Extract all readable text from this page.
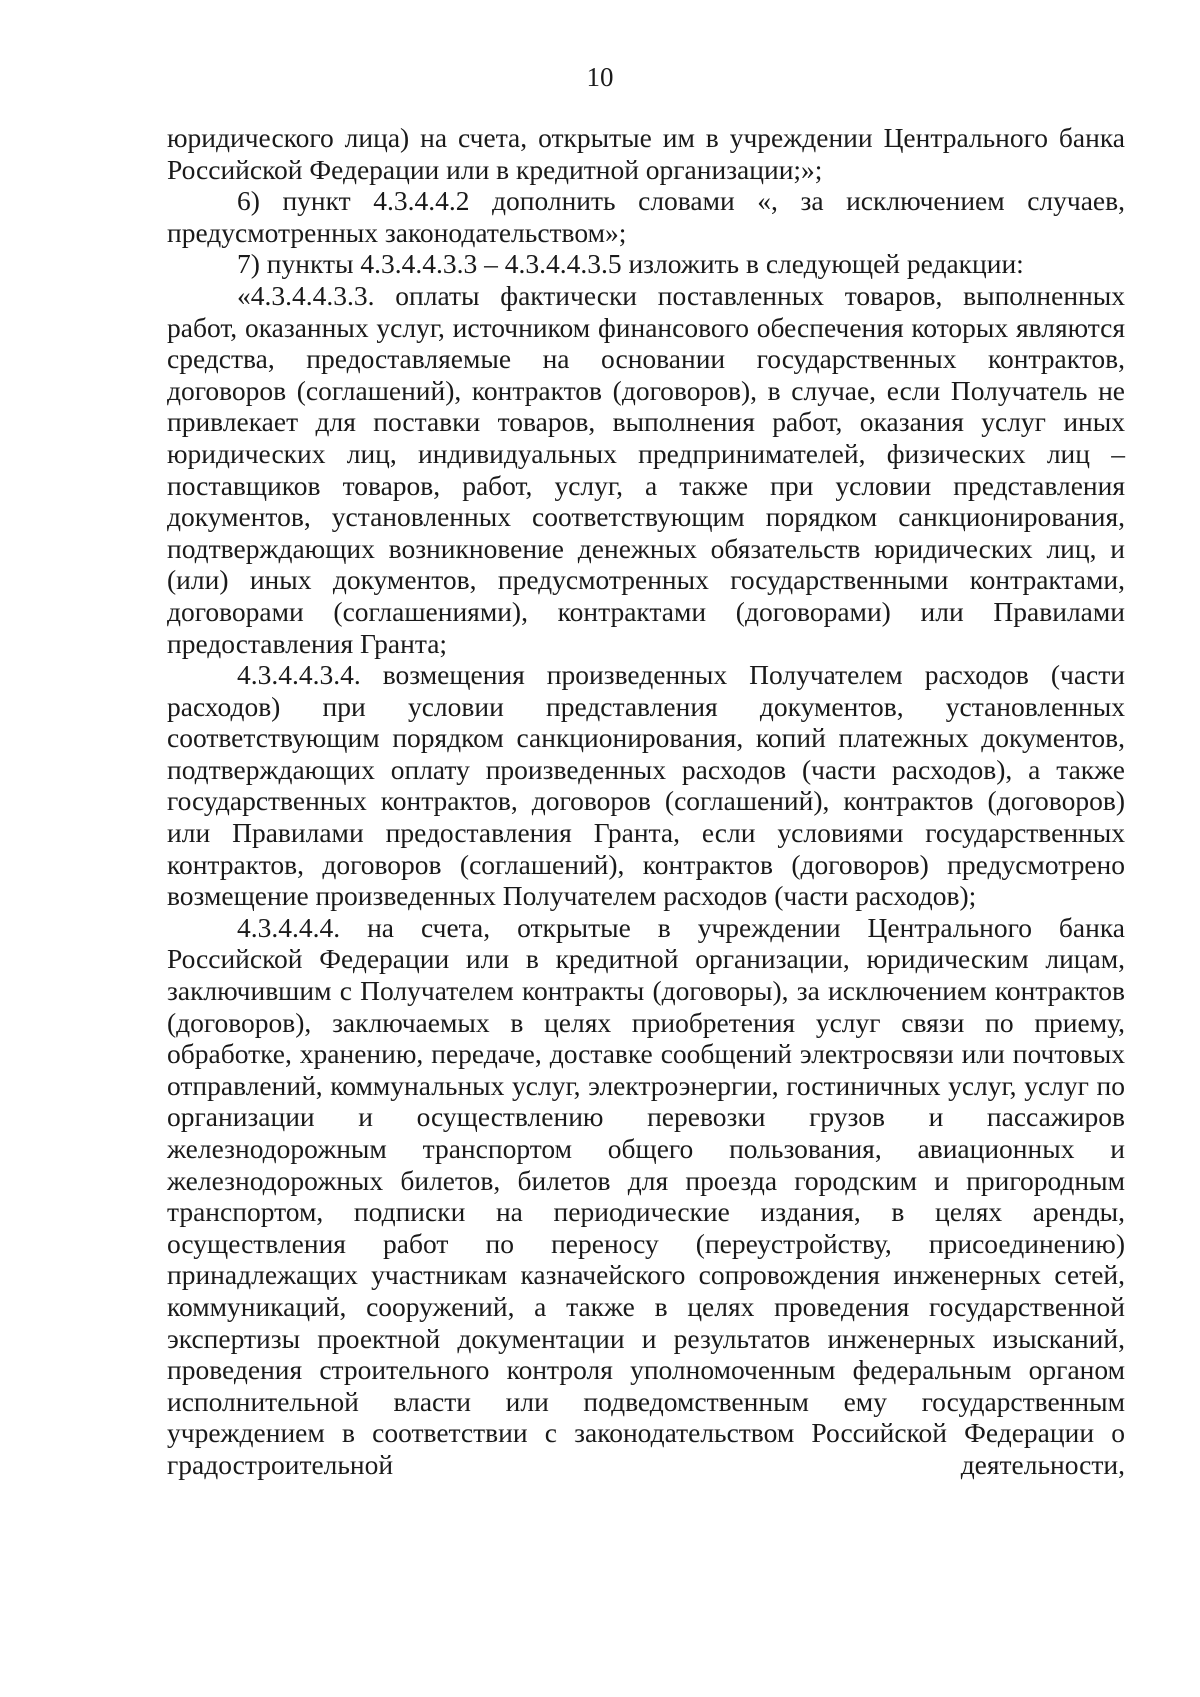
10

юридического лица) на счета, открытые им в учреждении Центрального банка Российской Федерации или в кредитной организации;»;

6) пункт 4.3.4.4.2 дополнить словами «, за исключением случаев, предусмотренных законодательством»;

7) пункты 4.3.4.4.3.3 – 4.3.4.4.3.5 изложить в следующей редакции:

«4.3.4.4.3.3. оплаты фактически поставленных товаров, выполненных работ, оказанных услуг, источником финансового обеспечения которых являются средства, предоставляемые на основании государственных контрактов, договоров (соглашений), контрактов (договоров), в случае, если Получатель не привлекает для поставки товаров, выполнения работ, оказания услуг иных юридических лиц, индивидуальных предпринимателей, физических лиц – поставщиков товаров, работ, услуг, а также при условии представления документов, установленных соответствующим порядком санкционирования, подтверждающих возникновение денежных обязательств юридических лиц, и (или) иных документов, предусмотренных государственными контрактами, договорами (соглашениями), контрактами (договорами) или Правилами предоставления Гранта;

4.3.4.4.3.4. возмещения произведенных Получателем расходов (части расходов) при условии представления документов, установленных соответствующим порядком санкционирования, копий платежных документов, подтверждающих оплату произведенных расходов (части расходов), а также государственных контрактов, договоров (соглашений), контрактов (договоров) или Правилами предоставления Гранта, если условиями государственных контрактов, договоров (соглашений), контрактов (договоров) предусмотрено возмещение произведенных Получателем расходов (части расходов);

4.3.4.4.4. на счета, открытые в учреждении Центрального банка Российской Федерации или в кредитной организации, юридическим лицам, заключившим с Получателем контракты (договоры), за исключением контрактов (договоров), заключаемых в целях приобретения услуг связи по приему, обработке, хранению, передаче, доставке сообщений электросвязи или почтовых отправлений, коммунальных услуг, электроэнергии, гостиничных услуг, услуг по организации и осуществлению перевозки грузов и пассажиров железнодорожным транспортом общего пользования, авиационных и железнодорожных билетов, билетов для проезда городским и пригородным транспортом, подписки на периодические издания, в целях аренды, осуществления работ по переносу (переустройству, присоединению) принадлежащих участникам казначейского сопровождения инженерных сетей, коммуникаций, сооружений, а также в целях проведения государственной экспертизы проектной документации и результатов инженерных изысканий, проведения строительного контроля уполномоченным федеральным органом исполнительной власти или подведомственным ему государственным учреждением в соответствии с законодательством Российской Федерации о градостроительной деятельности,
